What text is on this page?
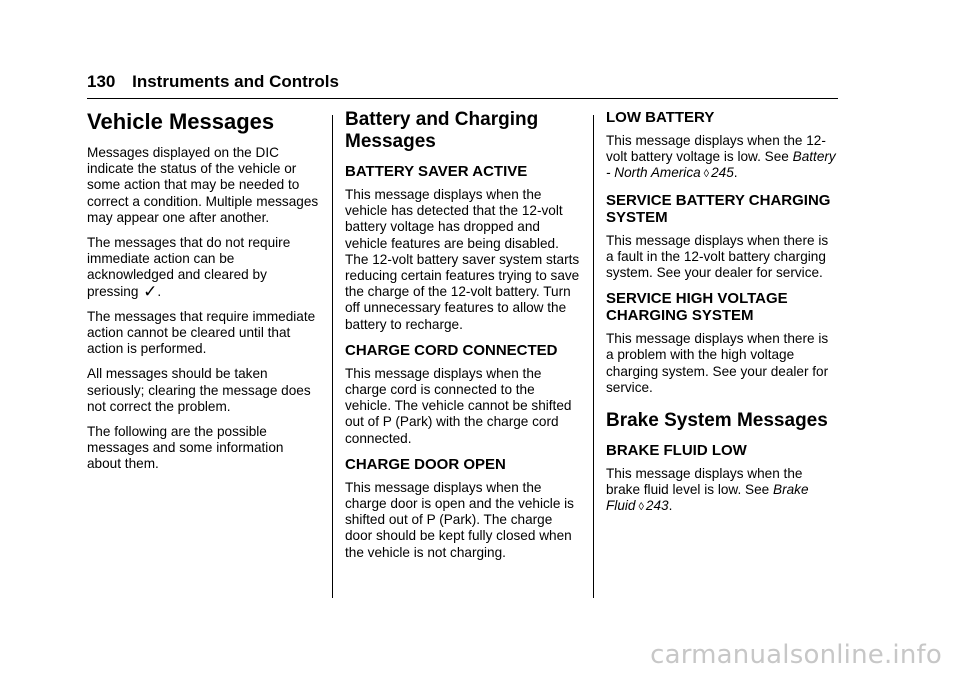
130 Instruments and Controls
Vehicle Messages

Messages displayed on the DIC indicate the status of the vehicle or some action that may be needed to correct a condition. Multiple messages may appear one after another.

The messages that do not require immediate action can be acknowledged and cleared by pressing ✓.

The messages that require immediate action cannot be cleared until that action is performed.

All messages should be taken seriously; clearing the message does not correct the problem.

The following are the possible messages and some information about them.

Battery and Charging Messages
BATTERY SAVER ACTIVE

This message displays when the vehicle has detected that the 12-volt battery voltage has dropped and vehicle features are being disabled. The 12-volt battery saver system starts reducing certain features trying to save the charge of the 12-volt battery. Turn off unnecessary features to allow the battery to recharge.

CHARGE CORD CONNECTED

This message displays when the charge cord is connected to the vehicle. The vehicle cannot be shifted out of P (Park) with the charge cord connected.

CHARGE DOOR OPEN

This message displays when the charge door is open and the vehicle is shifted out of P (Park). The charge door should be kept fully closed when the vehicle is not charging.

LOW BATTERY

This message displays when the 12-volt battery voltage is low. See Battery - North America ◊ 245.

SERVICE BATTERY CHARGING SYSTEM

This message displays when there is a fault in the 12-volt battery charging system. See your dealer for service.

SERVICE HIGH VOLTAGE CHARGING SYSTEM

This message displays when there is a problem with the high voltage charging system. See your dealer for service.

Brake System Messages
BRAKE FLUID LOW

This message displays when the brake fluid level is low. See Brake Fluid ◊ 243.

carmanualsonline.info
